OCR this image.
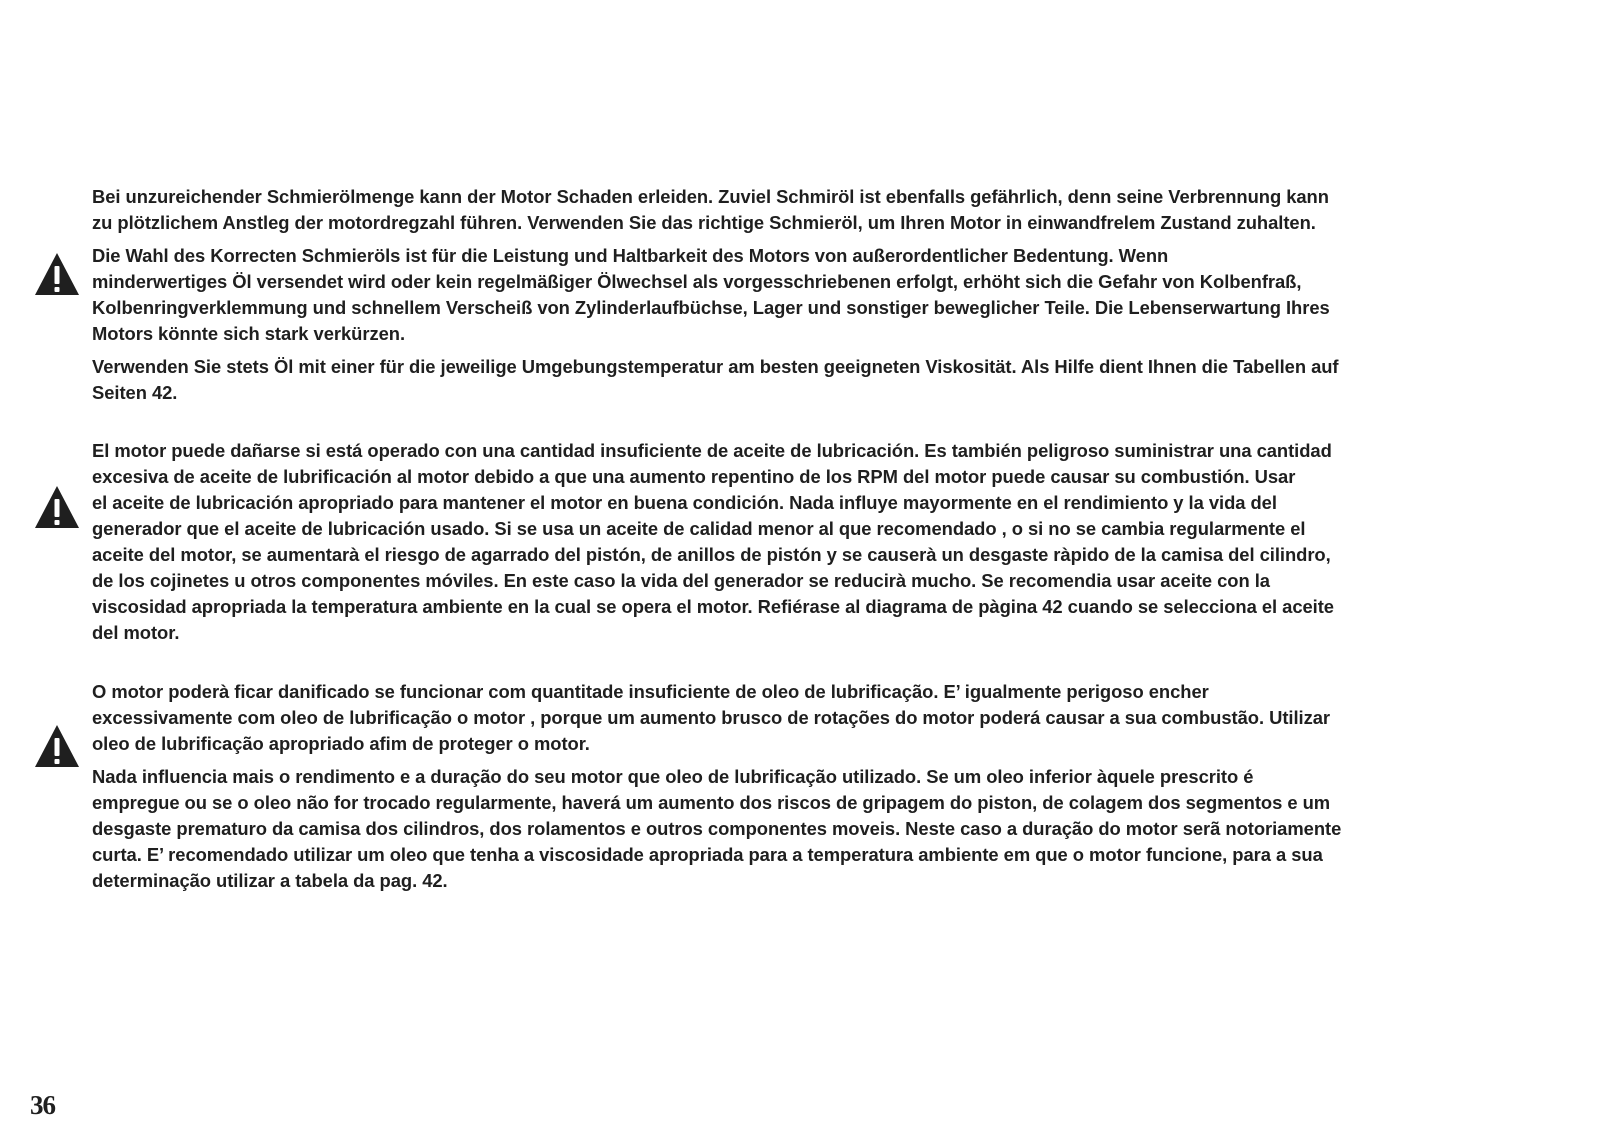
Bei unzureichender Schmierölmenge kann der Motor Schaden erleiden. Zuviel Schmiröl ist ebenfalls gefährlich, denn seine Verbrennung kann
zu plötzlichem Anstleg der motordregzahl führen. Verwenden Sie das richtige Schmieröl, um Ihren Motor in einwandfrelem Zustand zuhalten.

Die Wahl des Korrecten Schmieröls ist für die Leistung und Haltbarkeit des Motors von außerordentlicher Bedentung. Wenn
minderwertiges Öl versendet wird oder kein regelmäßiger Ölwechsel als vorgesschriebenen erfolgt, erhöht sich die Gefahr von Kolbenfraß,
Kolbenringverklemmung und schnellem Verscheiß von Zylinderlaufbüchse, Lager und sonstiger beweglicher Teile. Die Lebenserwartung Ihres
Motors könnte sich stark verkürzen.

Verwenden Sie stets Öl mit einer für die jeweilige Umgebungstemperatur am besten geeigneten Viskosität. Als Hilfe dient Ihnen die Tabellen auf
Seiten 42.

El motor puede dañarse si está operado con una cantidad insuficiente de aceite de lubricación. Es también peligroso suministrar una cantidad
excesiva de aceite de lubrificación al motor debido a que una aumento repentino de los RPM del motor puede causar su combustión. Usar
el aceite de lubricación apropriado para mantener el motor en buena condición. Nada influye mayormente en el rendimiento y la vida del
generador que el aceite de lubricación usado. Si se usa un aceite de calidad menor al que recomendado , o si no se cambia regularmente el
aceite del motor, se aumentarà el riesgo de agarrado del pistón, de anillos de pistón y se causerà un desgaste ràpido de la camisa del cilindro,
de los cojinetes u otros componentes móviles. En este caso la vida del generador se reducirà mucho. Se recomendia usar aceite con la
viscosidad apropriada la temperatura ambiente en la cual se opera el motor. Refiérase al diagrama de pàgina 42 cuando se selecciona el aceite
del motor.

O motor poderà ficar danificado se funcionar com quantitade insuficiente de oleo de lubrificação. E’ igualmente perigoso encher
excessivamente com oleo de lubrificação o motor , porque um aumento brusco de rotações do motor poderá causar a sua combustão. Utilizar
oleo de lubrificação apropriado afim de proteger o motor.

Nada influencia mais o rendimento e a duração do seu motor que oleo de lubrificação utilizado. Se um oleo inferior àquele prescrito é
empregue ou se o oleo não for trocado regularmente, haverá um aumento dos riscos de gripagem do piston, de colagem dos segmentos e um
desgaste prematuro da camisa dos cilindros, dos rolamentos e outros componentes moveis. Neste caso a duração do motor serã notoriamente
curta. E’ recomendado utilizar um oleo que tenha a viscosidade apropriada para a temperatura ambiente em que o motor funcione, para a sua
determinação utilizar a tabela da pag. 42.

36
